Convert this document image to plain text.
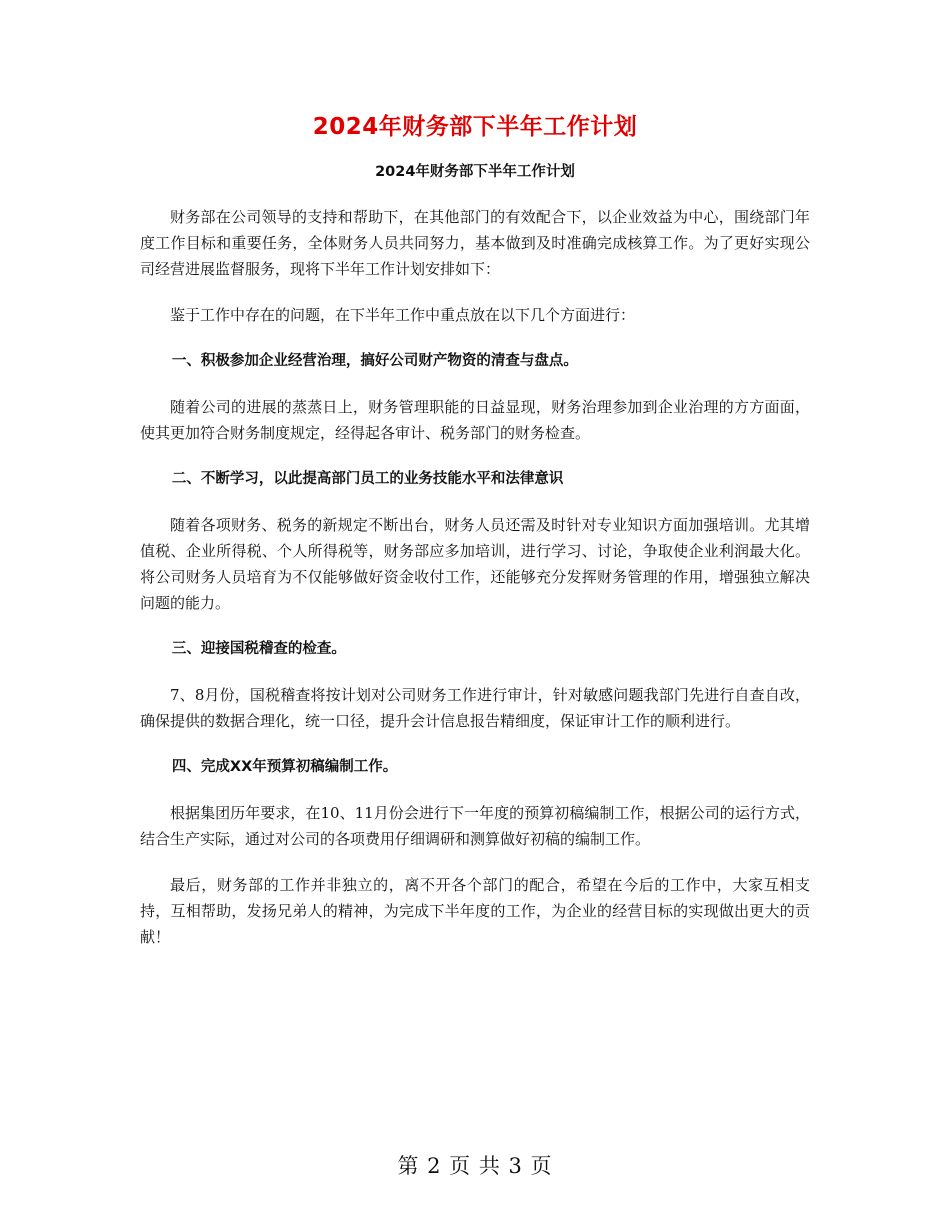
2024年财务部下半年工作计划
2024年财务部下半年工作计划

财务部在公司领导的支持和帮助下，在其他部门的有效配合下，以企业效益为中心，围绕部门年度工作目标和重要任务，全体财务人员共同努力，基本做到及时准确完成核算工作。为了更好实现公司经营进展监督服务，现将下半年工作计划安排如下：

鉴于工作中存在的问题，在下半年工作中重点放在以下几个方面进行：

一、积极参加企业经营治理，搞好公司财产物资的清查与盘点。

随着公司的进展的蒸蒸日上，财务管理职能的日益显现，财务治理参加到企业治理的方方面面，使其更加符合财务制度规定，经得起各审计、税务部门的财务检查。

二、不断学习，以此提高部门员工的业务技能水平和法律意识

随着各项财务、税务的新规定不断出台，财务人员还需及时针对专业知识方面加强培训。尤其增值税、企业所得税、个人所得税等，财务部应多加培训，进行学习、讨论，争取使企业利润最大化。将公司财务人员培育为不仅能够做好资金收付工作，还能够充分发挥财务管理的作用，增强独立解决问题的能力。

三、迎接国税稽查的检查。

7、8月份，国税稽查将按计划对公司财务工作进行审计，针对敏感问题我部门先进行自查自改，确保提供的数据合理化，统一口径，提升会计信息报告精细度，保证审计工作的顺利进行。

四、完成XX年预算初稿编制工作。

根据集团历年要求，在10、11月份会进行下一年度的预算初稿编制工作，根据公司的运行方式，结合生产实际，通过对公司的各项费用仔细调研和测算做好初稿的编制工作。

最后，财务部的工作并非独立的，离不开各个部门的配合，希望在今后的工作中，大家互相支持，互相帮助，发扬兄弟人的精神，为完成下半年度的工作，为企业的经营目标的实现做出更大的贡献！

第 2 页 共 3 页
